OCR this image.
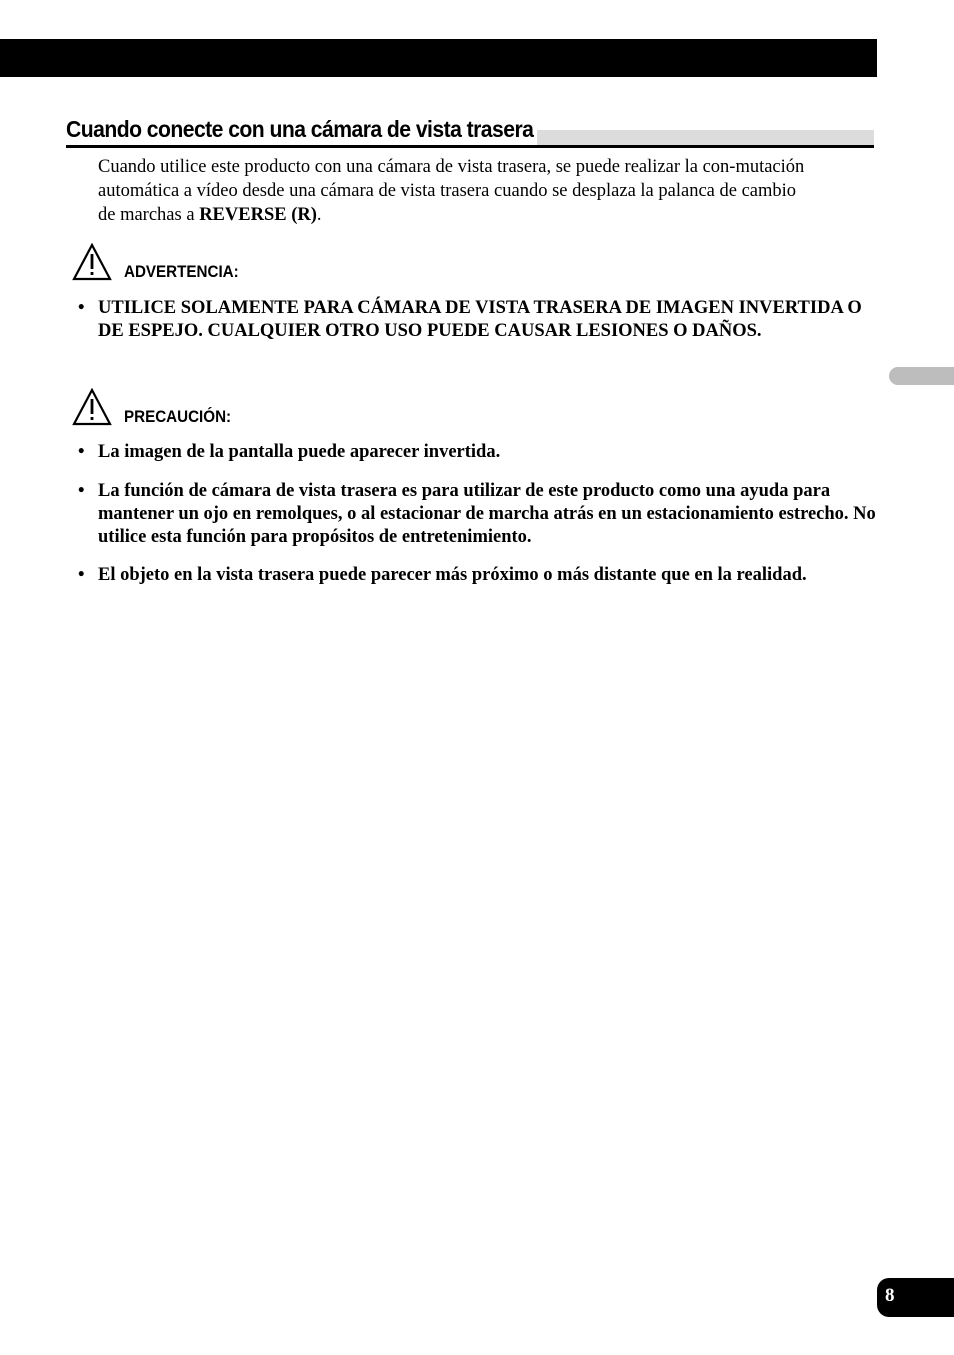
Cuando conecte con una cámara de vista trasera

Cuando utilice este producto con una cámara de vista trasera, se puede realizar la con-mutación automática a vídeo desde una cámara de vista trasera cuando se desplaza la palanca de cambio de marchas a REVERSE (R).

ADVERTENCIA:
• UTILICE SOLAMENTE PARA CÁMARA DE VISTA TRASERA DE IMAGEN INVERTIDA O DE ESPEJO. CUALQUIER OTRO USO PUEDE CAUSAR LESIONES O DAÑOS.
PRECAUCIÓN:
• La imagen de la pantalla puede aparecer invertida.
• La función de cámara de vista trasera es para utilizar de este producto como una ayuda para mantener un ojo en remolques, o al estacionar de marcha atrás en un estacionamiento estrecho. No utilice esta función para propósitos de entretenimiento.
• El objeto en la vista trasera puede parecer más próximo o más distante que en la realidad.
8
